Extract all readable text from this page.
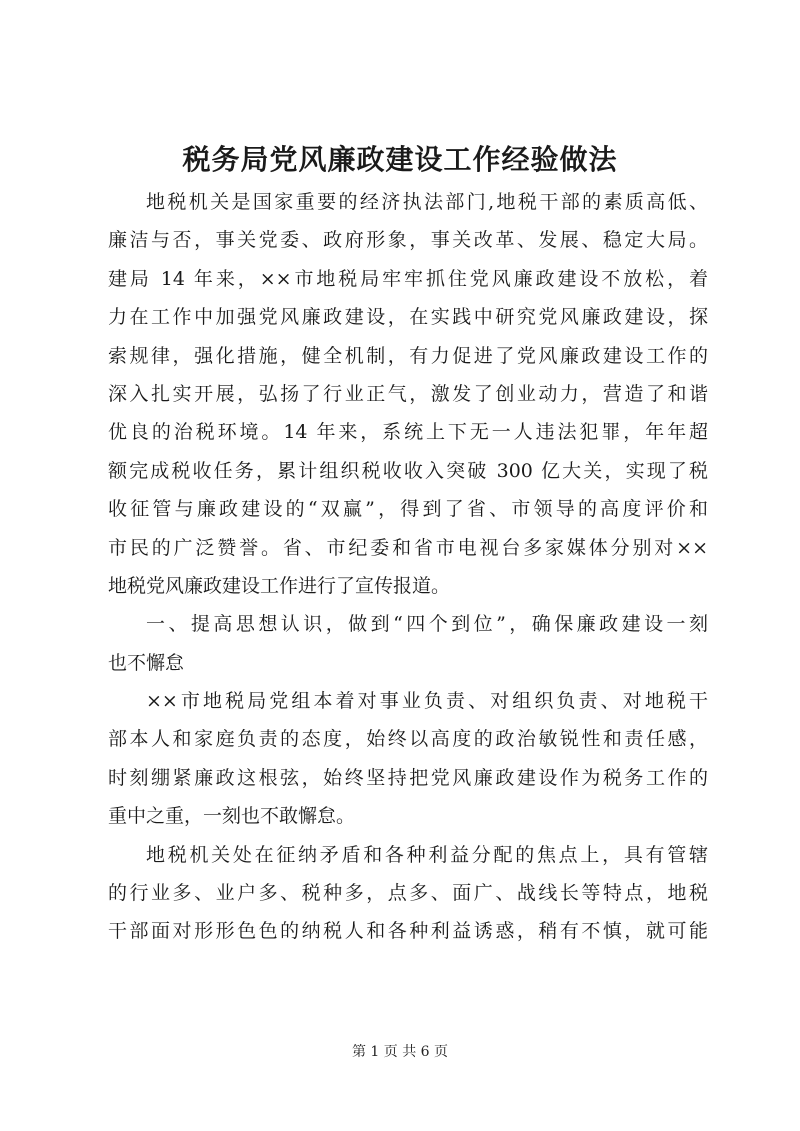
税务局党风廉政建设工作经验做法
地税机关是国家重要的经济执法部门,地税干部的素质高低、
廉洁与否，事关党委、政府形象，事关改革、发展、稳定大局。
建局 14 年来，××市地税局牢牢抓住党风廉政建设不放松，着
力在工作中加强党风廉政建设，在实践中研究党风廉政建设，探
索规律，强化措施，健全机制，有力促进了党风廉政建设工作的
深入扎实开展，弘扬了行业正气，激发了创业动力，营造了和谐
优良的治税环境。14 年来，系统上下无一人违法犯罪，年年超
额完成税收任务，累计组织税收收入突破 300 亿大关，实现了税
收征管与廉政建设的“双赢”，得到了省、市领导的高度评价和
市民的广泛赞誉。省、市纪委和省市电视台多家媒体分别对××
地税党风廉政建设工作进行了宣传报道。
一、提高思想认识，做到“四个到位”，确保廉政建设一刻
也不懈怠
××市地税局党组本着对事业负责、对组织负责、对地税干
部本人和家庭负责的态度，始终以高度的政治敏锐性和责任感，
时刻绷紧廉政这根弦，始终坚持把党风廉政建设作为税务工作的
重中之重，一刻也不敢懈怠。
地税机关处在征纳矛盾和各种利益分配的焦点上，具有管辖
的行业多、业户多、税种多，点多、面广、战线长等特点，地税
干部面对形形色色的纳税人和各种利益诱惑，稍有不慎，就可能
第 1 页 共 6 页
